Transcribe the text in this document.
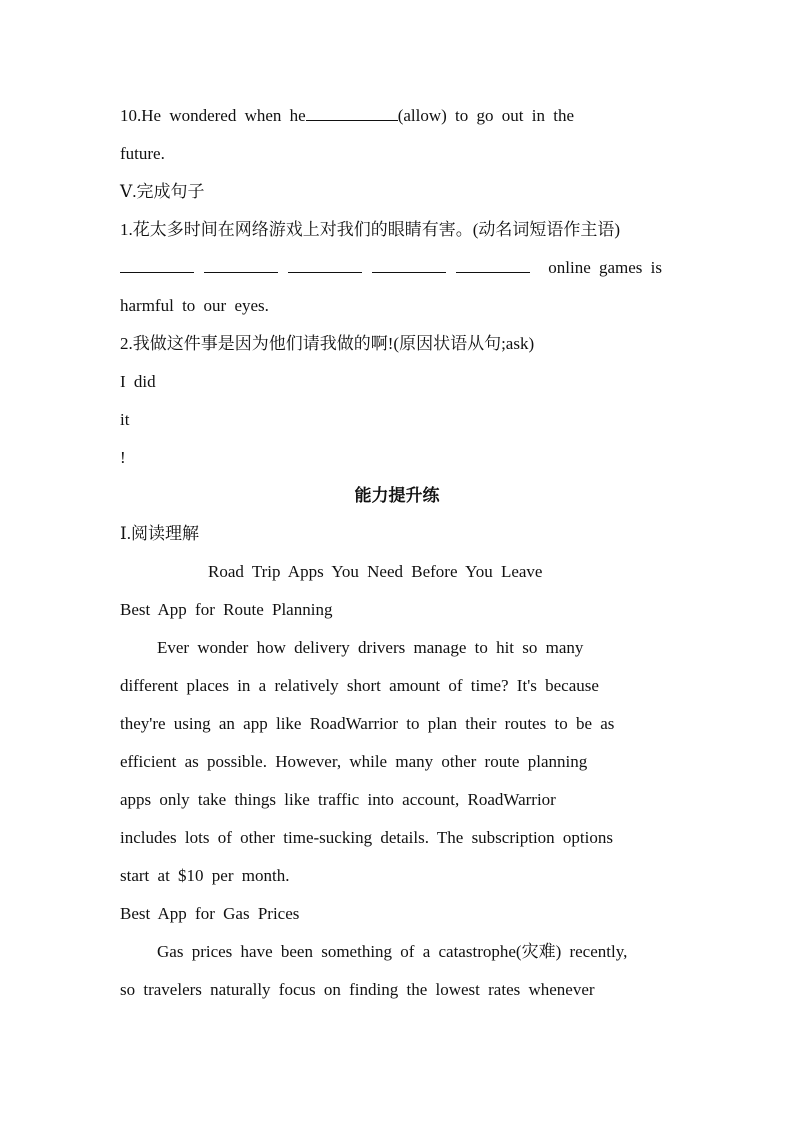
10.He wondered when he	(allow) to go out in the
future.
Ⅴ.完成句子
1.花太多时间在网络游戏上对我们的眼睛有害。(动名词短语作主语)
online games is
harmful to our eyes.
2.我做这件事是因为他们请我做的啊!(原因状语从句;ask)
I did
it
!
能力提升练
Ⅰ.阅读理解
Road Trip Apps You Need Before You Leave
Best App for Route Planning
Ever wonder how delivery drivers manage to hit so many
different places in a relatively short amount of time? It's because
they're using an app like RoadWarrior to plan their routes to be as
efficient as possible. However, while many other route planning
apps only take things like traffic into account, RoadWarrior
includes lots of other time-sucking details. The subscription options
start at $10 per month.
Best App for Gas Prices
Gas prices have been something of a catastrophe(灾难) recently,
so travelers naturally focus on finding the lowest rates whenever
